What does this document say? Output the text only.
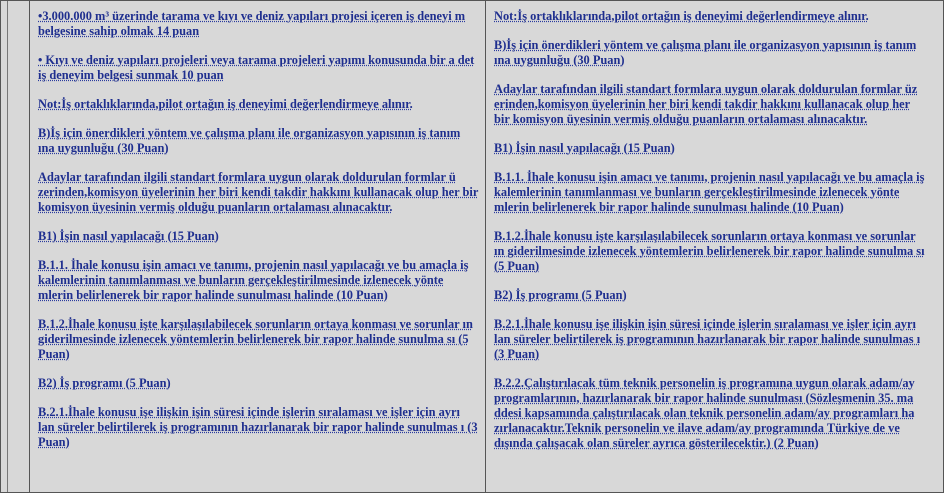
•3.000.000 m³ üzerinde tarama ve kıyı ve deniz yapıları projesi içeren iş deneyi m belgesine sahip olmak 14 puan

• Kıyı ve deniz yapıları projeleri veya tarama projeleri yapımı konusunda bir a det iş deneyim belgesi sunmak 10 puan

Not:İş ortaklıklarında,pilot ortağın iş deneyimi değerlendirmeye alınır.

B)İş için önerdikleri yöntem ve çalışma planı ile organizasyon yapısının iş tanım ına uygunluğu (30 Puan)

Adaylar tarafından ilgili standart formlara uygun olarak doldurulan formlar ü zerinden,komisyon üyelerinin her biri kendi takdir hakkını kullanacak olup her bir komisyon üyesinin vermiş olduğu puanların ortalaması alınacaktır.

B1) İşin nasıl yapılacağı (15 Puan)

B.1.1. İhale konusu işin amacı ve tanımı, projenin nasıl yapılacağı ve bu amaçla iş kalemlerinin tanımlanması ve bunların gerçekleştirilmesinde izlenecek yönte mlerin belirlenerek bir rapor halinde sunulması halinde (10 Puan)

B.1.2.İhale konusu işte karşılaşılabilecek sorunların ortaya konması ve sorunlar ın giderilmesinde izlenecek yöntemlerin belirlenerek bir rapor halinde sunulma sı (5 Puan)

B2) İş programı (5 Puan)

B.2.1.İhale konusu işe ilişkin işin süresi içinde işlerin sıralaması ve işler için ayrı lan süreler belirtilerek iş programının hazırlanarak bir rapor halinde sunulmas ı (3 Puan)

Not:İş ortaklıklarında,pilot ortağın iş deneyimi değerlendirmeye alınır.

B)İş için önerdikleri yöntem ve çalışma planı ile organizasyon yapısının iş tanım ına uygunluğu (30 Puan)

Adaylar tarafından ilgili standart formlara uygun olarak doldurulan formlar üz erinden,komisyon üyelerinin her biri kendi takdir hakkını kullanacak olup her bir komisyon üyesinin vermiş olduğu puanların ortalaması alınacaktır.

B1) İşin nasıl yapılacağı (15 Puan)

B.1.1. İhale konusu işin amacı ve tanımı, projenin nasıl yapılacağı ve bu amaçla iş kalemlerinin tanımlanması ve bunların gerçekleştirilmesinde izlenecek yönte mlerin belirlenerek bir rapor halinde sunulması halinde (10 Puan)

B.1.2.İhale konusu işte karşılaşılabilecek sorunların ortaya konması ve sorunlar ın giderilmesinde izlenecek yöntemlerin belirlenerek bir rapor halinde sunulma sı (5 Puan)

B2) İş programı (5 Puan)

B.2.1.İhale konusu işe ilişkin işin süresi içinde işlerin sıralaması ve işler için ayrı lan süreler belirtilerek iş programının hazırlanarak bir rapor halinde sunulmas ı (3 Puan)

B.2.2.Çalıştırılacak tüm teknik personelin iş programına uygun olarak adam/ay programlarının, hazırlanarak bir rapor halinde sunulması (Sözleşmenin 35. ma ddesi kapsamında çalıştırılacak olan teknik personelin adam/ay programları ha zırlanacaktır.Teknik personelin ve ilave adam/ay programında Türkiye de ve dışında çalışacak olan süreler ayrıca gösterilecektir.) (2 Puan)
